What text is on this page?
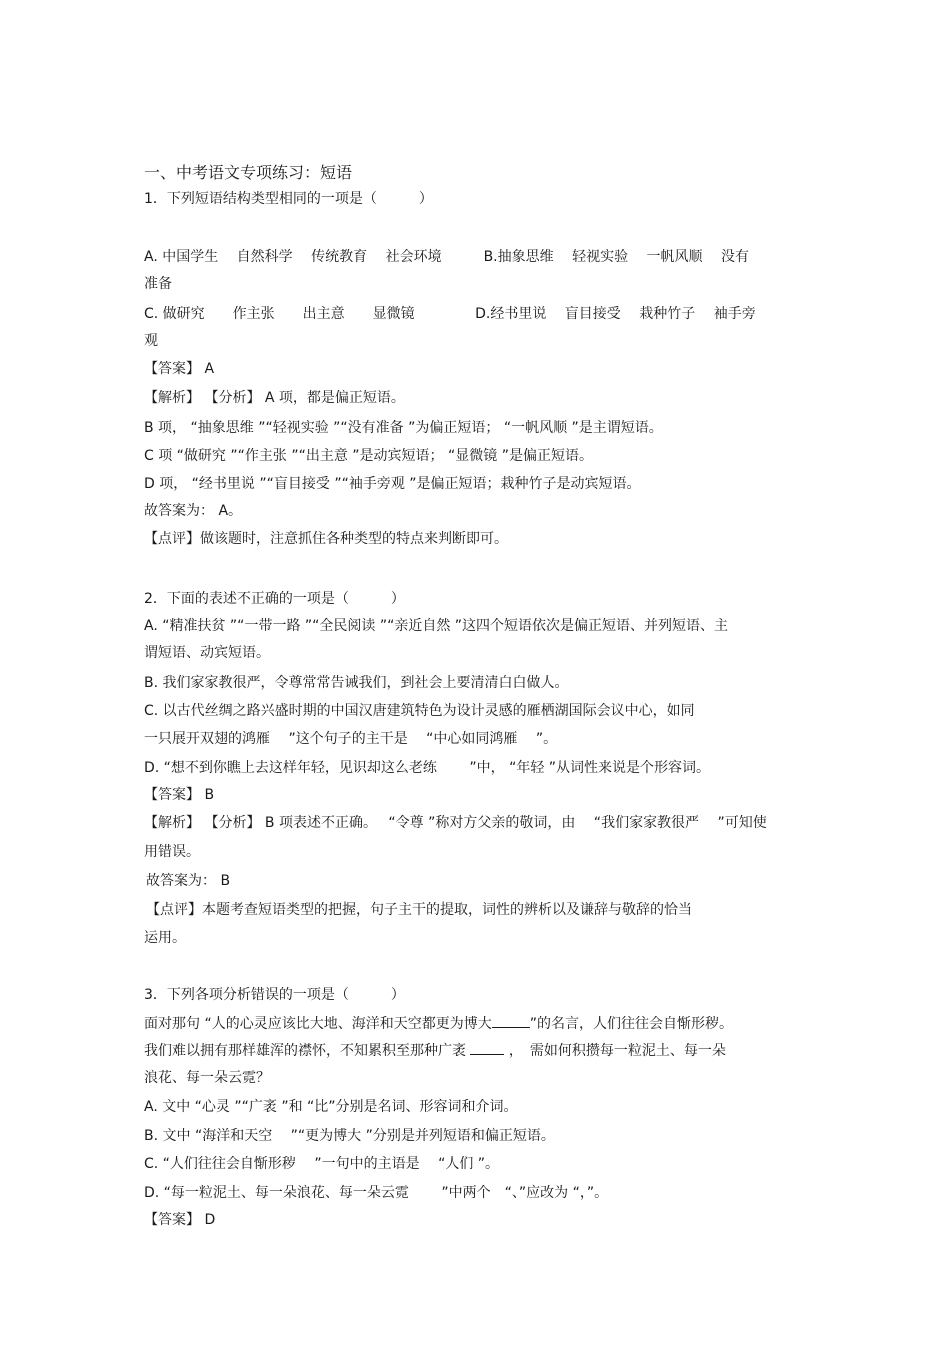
一、中考语文专项练习：短语
1．下列短语结构类型相同的一项是（　　　）
A. 中国学生　 自然科学　 传统教育　 社会环境　　　B.抽象思维　 轻视实验　 一帆风顺　 没有
准备
C. 做研究　　作主张　　出主意　　显微镜　　　　 D.经书里说　 盲目接受　 栽种竹子　 袖手旁
观
【答案】 A
【解析】 【分析】 A 项，都是偏正短语。
B 项， “抽象思维 ”“轻视实验 ”“没有准备 ”为偏正短语； “一帆风顺 ”是主谓短语。
C 项 “做研究 ”“作主张 ”“出主意 ”是动宾短语； “显微镜 ”是偏正短语。
D 项， “经书里说 ”“盲目接受 ”“袖手旁观 ”是偏正短语；栽种竹子是动宾短语。
故答案为： A。
【点评】做该题时，注意抓住各种类型的特点来判断即可。
2．下面的表述不正确的一项是（　　　）
A. “精准扶贫 ”“一带一路 ”“全民阅读 ”“亲近自然 ”这四个短语依次是偏正短语、并列短语、主
谓短语、动宾短语。
B. 我们家家教很严，令尊常常告诫我们，到社会上要清清白白做人。
C. 以古代丝绸之路兴盛时期的中国汉唐建筑特色为设计灵感的雁栖湖国际会议中心，如同
一只展开双翅的鸿雁　 ”这个句子的主干是　 “中心如同鸿雁　 ”。
D. “想不到你瞧上去这样年轻，见识却这么老练　　 ”中， “年轻 ”从词性来说是个形容词。
【答案】 B
【解析】 【分析】 B 项表述不正确。　 “令尊 ”称对方父亲的敬词，由　 “我们家家教很严　 ”可知使
用错误。
故答案为： B
【点评】本题考查短语类型的把握，句子主干的提取，词性的辨析以及谦辞与敬辞的恰当
运用。
3．下列各项分析错误的一项是（　　　）
面对那句 “人的心灵应该比大地、海洋和天空都更为博大	”的名言，人们往往会自惭形秽。
我们难以拥有那样雄浑的襟怀，不知累积至那种广袤	，　需如何积攒每一粒泥土、每一朵
浪花、每一朵云霓？
A. 文中 “心灵 ”“广袤 ”和 “比”分别是名词、形容词和介词。
B. 文中 “海洋和天空　 ”“更为博大 ”分别是并列短语和偏正短语。
C. “人们往往会自惭形秽　 ”一句中的主语是　 “人们 ”。
D. “每一粒泥土、每一朵浪花、每一朵云霓　　 ”中两个　“、”应改为 “，”。
【答案】 D
